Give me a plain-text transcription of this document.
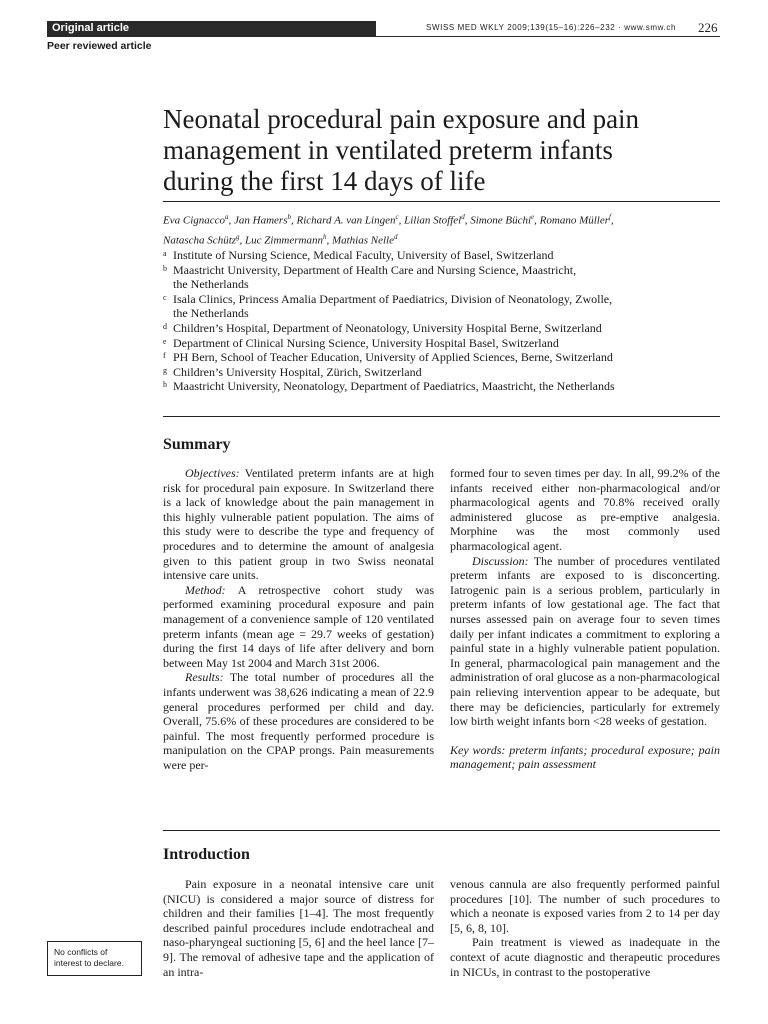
Original article	SWISS MED WKLY 2009;139(15–16):226–232 · www.smw.ch 226
Peer reviewed article
Neonatal procedural pain exposure and pain
management in ventilated preterm infants
during the first 14 days of life
Eva Cignacco$^a$, Jan Hamers$^b$, Richard A. van Lingen$^c$, Lilian Stoffel$^d$, Simone Büchi$^e$, Romano Müller$^f$,
Natascha Schütz$^g$, Luc Zimmermann$^h$, Mathias Nelle$^d$
a Institute of Nursing Science, Medical Faculty, University of Basel, Switzerland
b Maastricht University, Department of Health Care and Nursing Science, Maastricht,
the Netherlands
c Isala Clinics, Princess Amalia Department of Paediatrics, Division of Neonatology, Zwolle,
the Netherlands
d Children’s Hospital, Department of Neonatology, University Hospital Berne, Switzerland
e Department of Clinical Nursing Science, University Hospital Basel, Switzerland
f PH Bern, School of Teacher Education, University of Applied Sciences, Berne, Switzerland
g Children’s University Hospital, Zürich, Switzerland
h Maastricht University, Neonatology, Department of Paediatrics, Maastricht, the Netherlands
Summary

Objectives: Ventilated preterm infants are at high risk for procedural pain exposure. In Switzerland there is a lack of knowledge about the pain management in this highly vulnerable patient population. The aims of this study were to describe the type and frequency of procedures and to determine the amount of analgesia given to this patient group in two Swiss neonatal intensive care units.

Method: A retrospective cohort study was performed examining procedural exposure and pain management of a convenience sample of 120 ventilated preterm infants (mean age = 29.7 weeks of gestation) during the first 14 days of life after delivery and born between May 1st 2004 and March 31st 2006.

Results: The total number of procedures all the infants underwent was 38,626 indicating a mean of 22.9 general procedures performed per child and day. Overall, 75.6% of these procedures are considered to be painful. The most frequently performed procedure is manipulation on the CPAP prongs. Pain measurements were per-

formed four to seven times per day. In all, 99.2% of the infants received either non-pharmacological and/or pharmacological agents and 70.8% received orally administered glucose as pre-emptive analgesia. Morphine was the most commonly used pharmacological agent.

Discussion: The number of procedures ventilated preterm infants are exposed to is disconcerting. Iatrogenic pain is a serious problem, particularly in preterm infants of low gestational age. The fact that nurses assessed pain on average four to seven times daily per infant indicates a commitment to exploring a painful state in a highly vulnerable patient population. In general, pharmacological pain management and the administration of oral glucose as a non-pharmacological pain relieving intervention appear to be adequate, but there may be deficiencies, particularly for extremely low birth weight infants born <28 weeks of gestation.

Key words: preterm infants; procedural exposure; pain management; pain assessment

Introduction

Pain exposure in a neonatal intensive care unit (NICU) is considered a major source of distress for children and their families [1–4]. The most frequently described painful procedures include endotracheal and naso-pharyngeal suctioning [5, 6] and the heel lance [7–9]. The removal of adhesive tape and the application of an intra-

venous cannula are also frequently performed painful procedures [10]. The number of such procedures to which a neonate is exposed varies from 2 to 14 per day [5, 6, 8, 10].

Pain treatment is viewed as inadequate in the context of acute diagnostic and therapeutic procedures in NICUs, in contrast to the postoperative

No conflicts of interest to declare.
